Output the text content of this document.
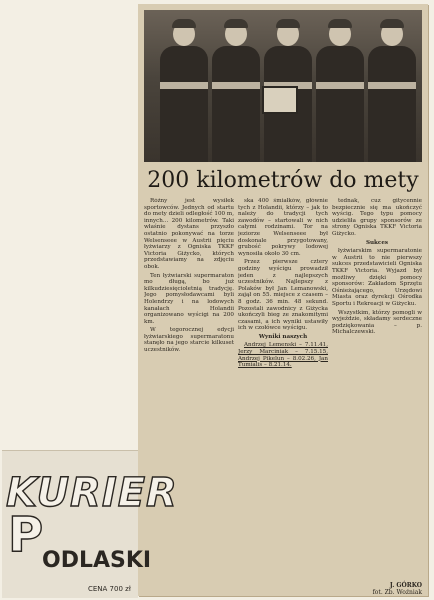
200 kilometrów do mety

Różny jest wysiłek sportowców. Jednych od startu do mety dzieli odległość 100 m, innych... 200 kilometrów. Taki właśnie dystans przyszło ostatnio pokonywać na torze Welsenseee w Austrii pięciu łyżwiarzy z Ogniska TKKF Victoria Giżycko, których przedstawiamy na zdjęciu obok.

Ten łyżwiarski supermaraton mo długą, bo już kilkudziesięcioletnią tradycję. Jego pomysłodawcami byli Holendrzy i na lodowych kanałach Holandii organizowano wyścigi na 200 km.

W tegorocznej edycji łyżwiarskiego supermaratonu stanęło na jego starcie kilkuset uczestników.

ska 400 śmiałków, głównie tych z Holandii, którzy – jak to należy do tradycji tych zawodów – startowali w nich całymi rodzinami. Tor na jeziorze Welsenseee był doskonale przygotowany, grubość pokrywy lodowej wynosiła około 30 cm.

Przez pierwsze cztery godziny wyścigu prowadził jeden z najlepszych uczestników. Najlepszy z Polaków był Jan Lemanowski, zajął on 55. miejsce z czasem – 8 godz. 36 min. 48 sekund. Pozostali zawodnicy z Giżycka ukończyli bieg ze znakomitymi czasami, a ich wyniki ustawiły ich w czołówce wyścigu.

Wyniki naszych

Andrzej Lemenski – 7.11.41, Jerzy Marciniak – 7.15.15, Andrzej Pikelun – 8.02.26, Jan Tumialis – 8.21.14.

tednak, cuz gitycennie bezpiecznie się ma ukończyć wyścig. Tego typu pomocy udzieliła grupy sponsorów ze strony Ogniska TKKF Victoria Giżycko.

Sukces

łyżwiarskim supermaratonie w Austrii to nie pierwszy sukces przedstawicieli Ogniska TKKF Victoria. Wyjazd był możliwy dzięki pomocy sponsorów: Zakładom Sprzętu Ośnieżającego, Urzędowi Miasta oraz dyrekcji Ośrodka Sportu i Rekreacji w Giżycku.

Wszystkim, którzy pomogli w wyjeździe, składamy serdeczne podziękowania – p. Michalczewski.

J. GÓRKO
fot. Zb. Woźniak
KURIER
P
ODLASKI
CENA 700 zł
